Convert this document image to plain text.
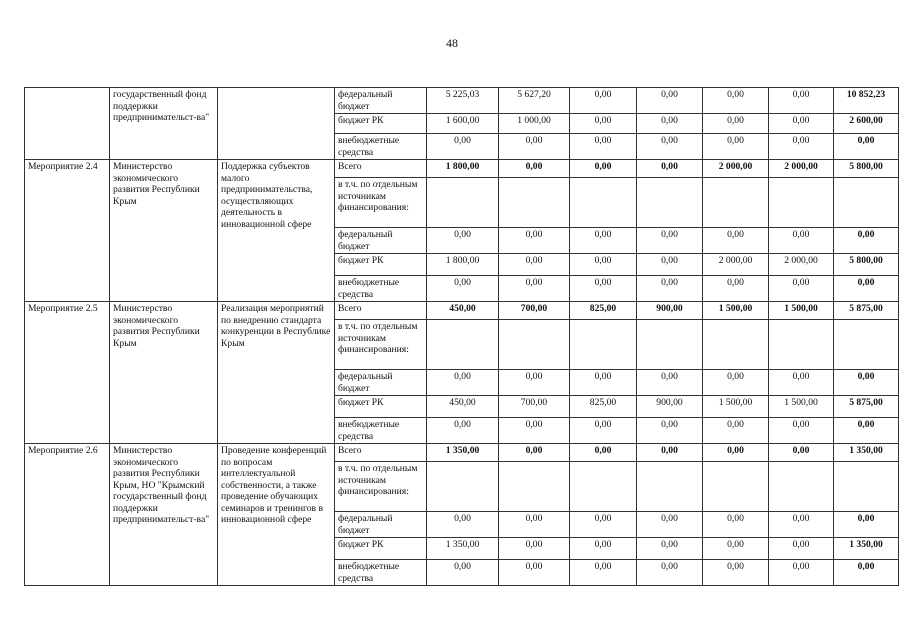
48
	государственный фонд поддержки предпринимательст-ва"		федеральный бюджет	5 225,03	5 627,20	0,00	0,00	0,00	0,00	10 852,23
			бюджет РК	1 600,00	1 000,00	0,00	0,00	0,00	0,00	2 600,00
			внебюджетные средства	0,00	0,00	0,00	0,00	0,00	0,00	0,00
Мероприятие 2.4	Министерство экономического развития Республики Крым	Поддержка субъектов малого предпринимательства, осуществляющих деятельность в инновационной сфере	Всего	1 800,00	0,00	0,00	0,00	2 000,00	2 000,00	5 800,00
			в т.ч. по отдельным источникам финансирования:							
			федеральный бюджет	0,00	0,00	0,00	0,00	0,00	0,00	0,00
			бюджет РК	1 800,00	0,00	0,00	0,00	2 000,00	2 000,00	5 800,00
			внебюджетные средства	0,00	0,00	0,00	0,00	0,00	0,00	0,00
Мероприятие 2.5	Министерство экономического развития Республики Крым	Реализация мероприятий по внедрению стандарта конкуренции в Республике Крым	Всего	450,00	700,00	825,00	900,00	1 500,00	1 500,00	5 875,00
			в т.ч. по отдельным источникам финансирования:							
			федеральный бюджет	0,00	0,00	0,00	0,00	0,00	0,00	0,00
			бюджет РК	450,00	700,00	825,00	900,00	1 500,00	1 500,00	5 875,00
			внебюджетные средства	0,00	0,00	0,00	0,00	0,00	0,00	0,00
Мероприятие 2.6	Министерство экономического развития Республики Крым, НО "Крымский государственный фонд поддержки предпринимательст-ва"	Проведение конференций по вопросам интеллектуальной собственности, а также проведение обучающих семинаров и тренингов в инновационной сфере	Всего	1 350,00	0,00	0,00	0,00	0,00	0,00	1 350,00
			в т.ч. по отдельным источникам финансирования:							
			федеральный бюджет	0,00	0,00	0,00	0,00	0,00	0,00	0,00
			бюджет РК	1 350,00	0,00	0,00	0,00	0,00	0,00	1 350,00
			внебюджетные средства	0,00	0,00	0,00	0,00	0,00	0,00	0,00
